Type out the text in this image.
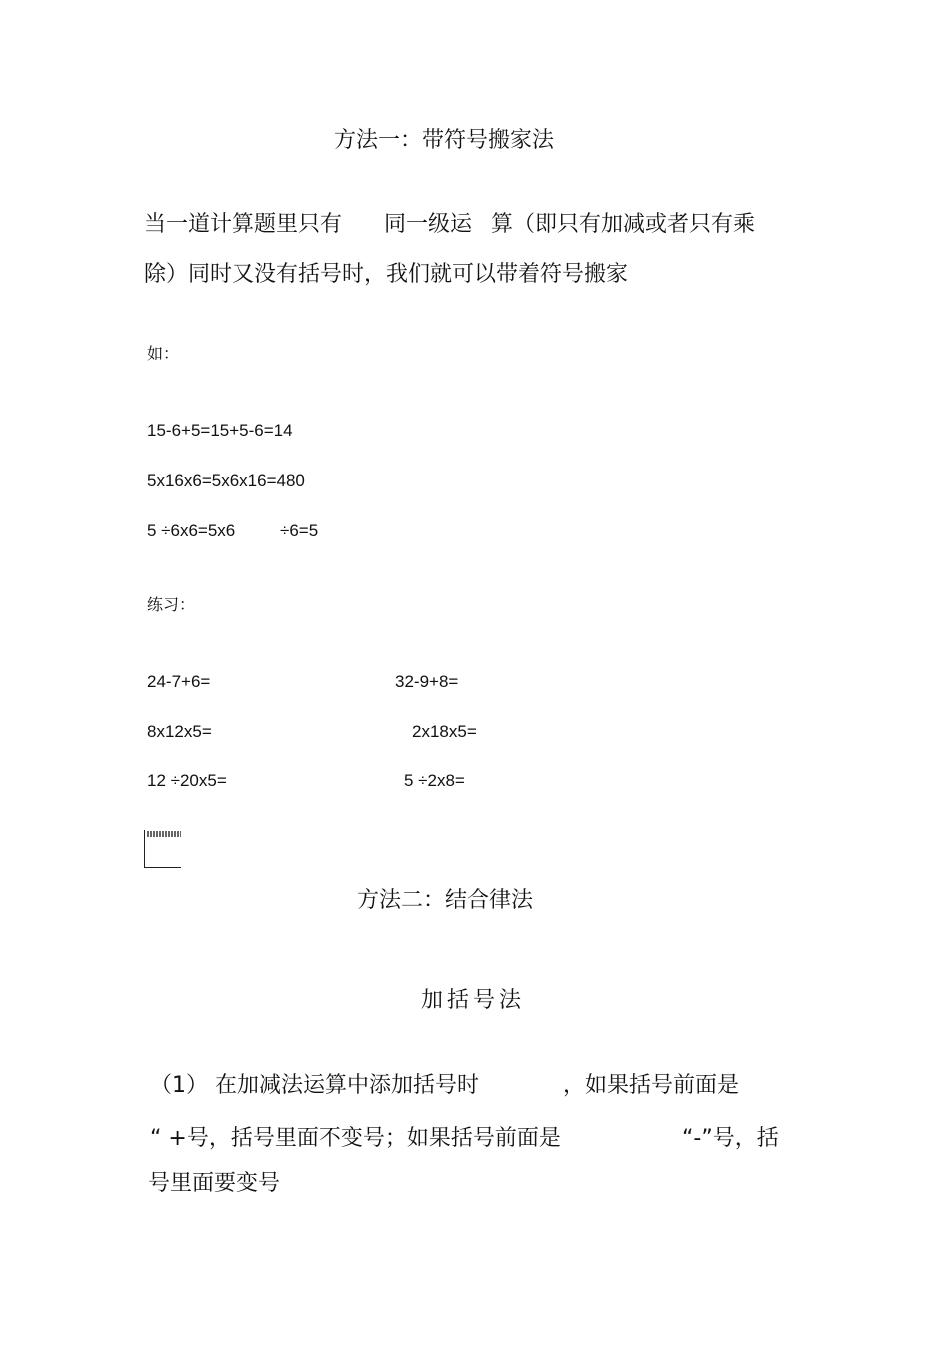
方法一：带符号搬家法
当一道计算题里只有 同一级运 算（即只有加减或者只有乘
除）同时又没有括号时，我们就可以带着符号搬家
如：
15-6+5=15+5-6=14
5x16x6=5x6x16=480
5 ÷6x6=5x6	÷6=5
练习：
24-7+6=	32-9+8=
8x12x5=	2x18x5=
12 ÷20x5=	5 ÷2x8=
方法二：结合律法
加括号法
（1） 在加减法运算中添加括号时	，如果括号前面是
“ +号，括号里面不变号；如果括号前面是	“-”号，括
号里面要变号
